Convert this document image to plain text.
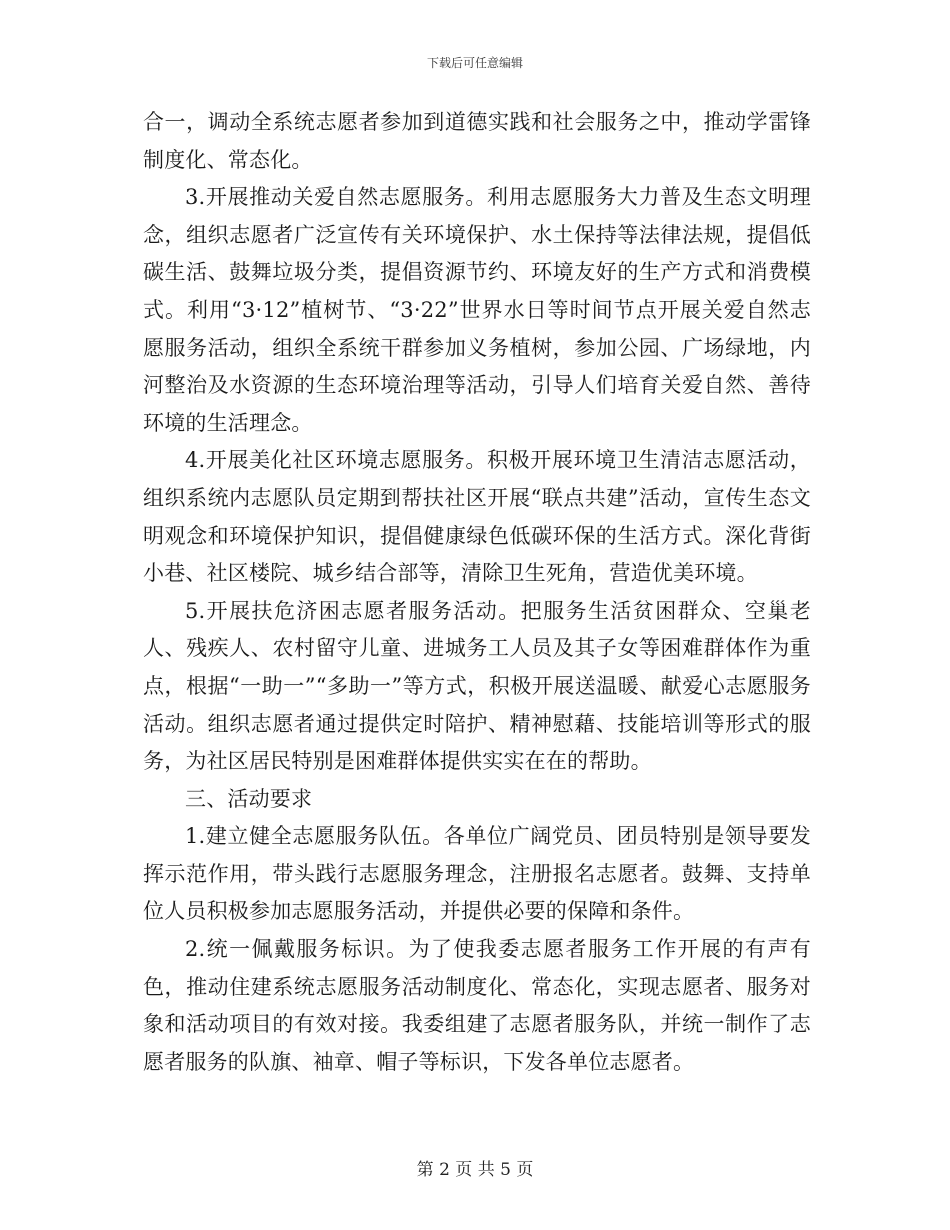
下载后可任意编辑

合一，调动全系统志愿者参加到道德实践和社会服务之中，推动学雷锋制度化、常态化。

3.开展推动关爱自然志愿服务。利用志愿服务大力普及生态文明理念，组织志愿者广泛宣传有关环境保护、水土保持等法律法规，提倡低碳生活、鼓舞垃圾分类，提倡资源节约、环境友好的生产方式和消费模式。利用“3·12”植树节、“3·22”世界水日等时间节点开展关爱自然志愿服务活动，组织全系统干群参加义务植树，参加公园、广场绿地，内河整治及水资源的生态环境治理等活动，引导人们培育关爱自然、善待环境的生活理念。

4.开展美化社区环境志愿服务。积极开展环境卫生清洁志愿活动，组织系统内志愿队员定期到帮扶社区开展“联点共建”活动，宣传生态文明观念和环境保护知识，提倡健康绿色低碳环保的生活方式。深化背街小巷、社区楼院、城乡结合部等，清除卫生死角，营造优美环境。

5.开展扶危济困志愿者服务活动。把服务生活贫困群众、空巢老人、残疾人、农村留守儿童、进城务工人员及其子女等困难群体作为重点，根据“一助一”“多助一”等方式，积极开展送温暖、献爱心志愿服务活动。组织志愿者通过提供定时陪护、精神慰藉、技能培训等形式的服务，为社区居民特别是困难群体提供实实在在的帮助。

三、活动要求

1.建立健全志愿服务队伍。各单位广阔党员、团员特别是领导要发挥示范作用，带头践行志愿服务理念，注册报名志愿者。鼓舞、支持单位人员积极参加志愿服务活动，并提供必要的保障和条件。

2.统一佩戴服务标识。为了使我委志愿者服务工作开展的有声有色，推动住建系统志愿服务活动制度化、常态化，实现志愿者、服务对象和活动项目的有效对接。我委组建了志愿者服务队，并统一制作了志愿者服务的队旗、袖章、帽子等标识，下发各单位志愿者。

第 2 页 共 5 页
